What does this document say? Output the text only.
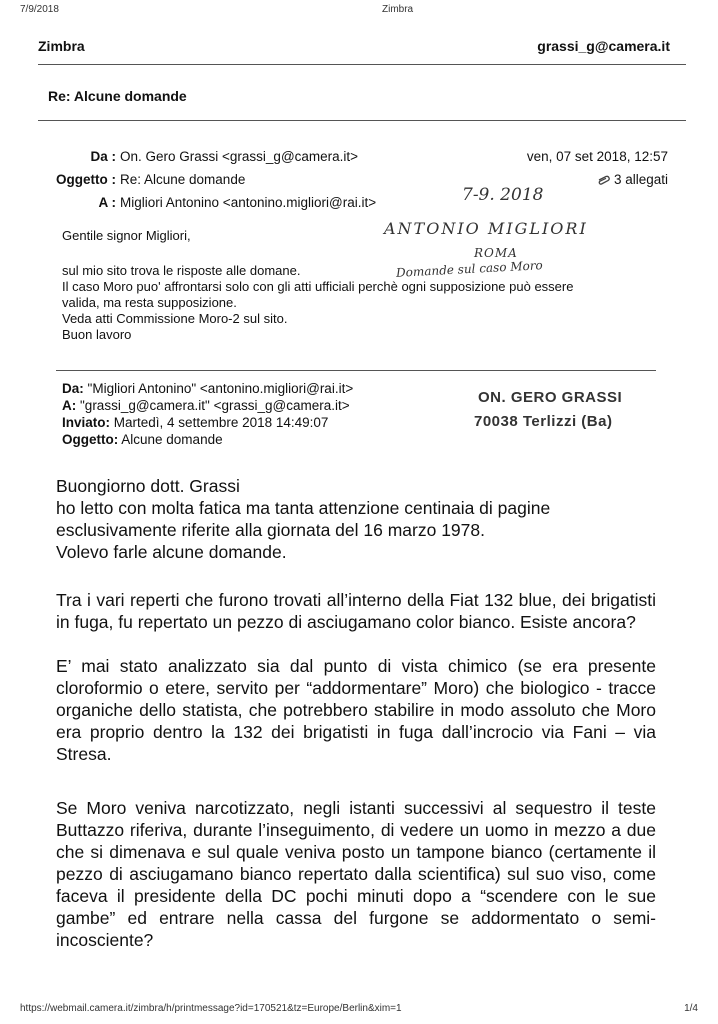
7/9/2018	Zimbra
Zimbra	grassi_g@camera.it
Re: Alcune domande
Da : On. Gero Grassi <grassi_g@camera.it>	ven, 07 set 2018, 12:57
Oggetto : Re: Alcune domande	3 allegati
A : Migliori Antonino <antonino.migliori@rai.it>	7-9. 2018
ANTONIO MIGLIORI
ROMA
Domande sul caso Moro
Gentile signor Migliori,
sul mio sito trova le risposte alle domane.
Il caso Moro puo' affrontarsi solo con gli atti ufficiali perchè ogni supposizione può essere
valida, ma resta supposizione.
Veda atti Commissione Moro-2 sul sito.
Buon lavoro
Da: "Migliori Antonino" <antonino.migliori@rai.it>
A: "grassi_g@camera.it" <grassi_g@camera.it>
Inviato: Martedì, 4 settembre 2018 14:49:07
Oggetto: Alcune domande
ON. GERO GRASSI
70038 Terlizzi (Ba)

Buongiorno dott. Grassi

ho letto con molta fatica ma tanta attenzione centinaia di pagine

esclusivamente riferite alla giornata del 16 marzo 1978.

Volevo farle alcune domande.

Tra i vari reperti che furono trovati all’interno della Fiat 132 blue, dei brigatisti in fuga, fu repertato un pezzo di asciugamano color bianco. Esiste ancora?

E’ mai stato analizzato sia dal punto di vista chimico (se era presente cloroformio o etere, servito per “addormentare” Moro) che biologico - tracce organiche dello statista, che potrebbero stabilire in modo assoluto che Moro era proprio dentro la 132 dei brigatisti in fuga dall’incrocio via Fani – via Stresa.

Se Moro veniva narcotizzato, negli istanti successivi al sequestro il teste Buttazzo riferiva, durante l’inseguimento, di vedere un uomo in mezzo a due che si dimenava e sul quale veniva posto un tampone bianco (certamente il pezzo di asciugamano bianco repertato dalla scientifica) sul suo viso, come faceva il presidente della DC pochi minuti dopo a “scendere con le sue gambe” ed entrare nella cassa del furgone se addormentato o semi-incosciente?

https://webmail.camera.it/zimbra/h/printmessage?id=170521&tz=Europe/Berlin&xim=1	1/4
